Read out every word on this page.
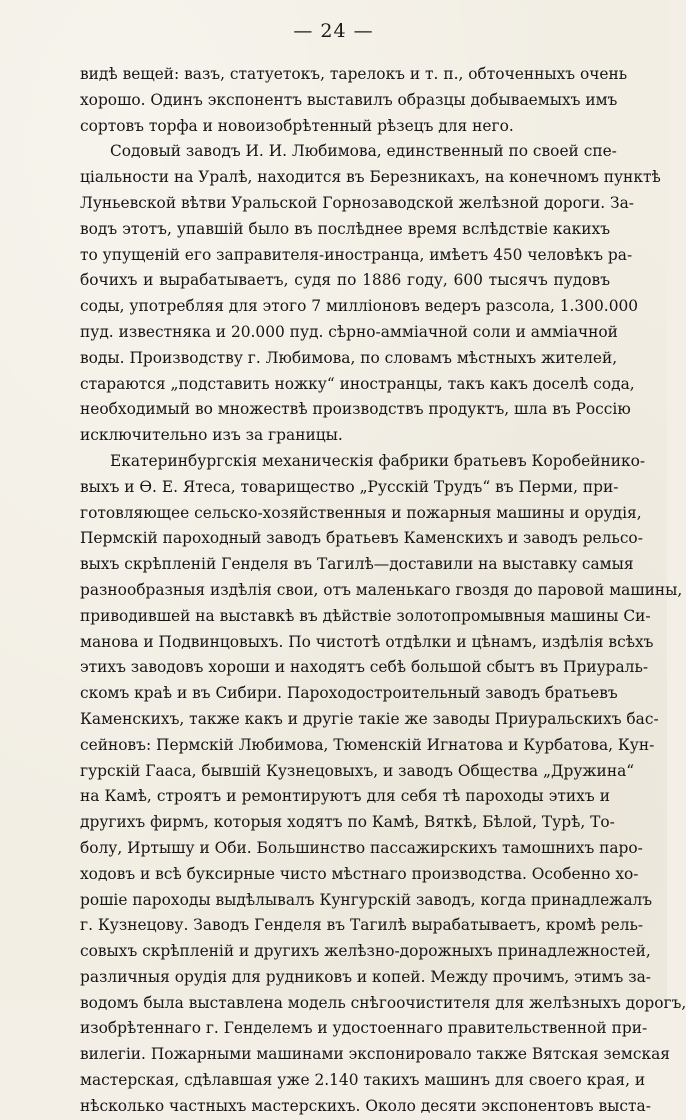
— 24 —
видѣ вещей: вазъ, статуетокъ, тарелокъ и т. п., обточенныхъ очень
хорошо. Одинъ экспонентъ выставилъ образцы добываемыхъ имъ
сортовъ торфа и новоизобрѣтенный рѣзецъ для него.
Содовый заводъ И. И. Любимова, единственный по своей спе-
ціальности на Уралѣ, находится въ Березникахъ, на конечномъ пунктѣ
Луньевской вѣтви Уральской Горнозаводской желѣзной дороги. За-
водъ этотъ, упавшій было въ послѣднее время вслѣдствіе какихъ
то упущеній его заправителя-иностранца, имѣетъ 450 человѣкъ ра-
бочихъ и вырабатываетъ, судя по 1886 году, 600 тысячъ пудовъ
соды, употребляя для этого 7 милліоновъ ведеръ разсола, 1.300.000
пуд. известняка и 20.000 пуд. сѣрно-аммiачной соли и аммiачной
воды. Производству г. Любимова, по словамъ мѣстныхъ жителей,
стараются „подставить ножку“ иностранцы, такъ какъ доселѣ сода,
необходимый во множествѣ производствъ продуктъ, шла въ Россію
исключительно изъ за границы.
Екатеринбургскія механическія фабрики братьевъ Коробейнико-
выхъ и Ѳ. Е. Ятеса, товарищество „Русскій Трудъ“ въ Перми, при-
готовляющее сельско-хозяйственныя и пожарныя машины и орудія,
Пермскій пароходный заводъ братьевъ Каменскихъ и заводъ рельсо-
выхъ скрѣпленій Генделя въ Тагилѣ—доставили на выставку самыя
разнообразныя издѣлія свои, отъ маленькаго гвоздя до паровой машины,
приводившей на выставкѣ въ дѣйствіе золотопромывныя машины Си-
манова и Подвинцовыхъ. По чистотѣ отдѣлки и цѣнамъ, издѣлія всѣхъ
этихъ заводовъ хороши и находятъ себѣ большой сбытъ въ Приураль-
скомъ краѣ и въ Сибири. Пароходостроительный заводъ братьевъ
Каменскихъ, также какъ и другіе такіе же заводы Приуральскихъ бас-
сейновъ: Пермскій Любимова, Тюменскій Игнатова и Курбатова, Кун-
гурскій Гааса, бывшій Кузнецовыхъ, и заводъ Общества „Дружина“
на Камѣ, строятъ и ремонтируютъ для себя тѣ пароходы этихъ и
другихъ фирмъ, которыя ходятъ по Камѣ, Вяткѣ, Бѣлой, Турѣ, То-
болу, Иртышу и Оби. Большинство пассажирскихъ тамошнихъ паро-
ходовъ и всѣ буксирные чисто мѣстнаго производства. Особенно хо-
рошіе пароходы выдѣлывалъ Кунгурскій заводъ, когда принадлежалъ
г. Кузнецову. Заводъ Генделя въ Тагилѣ вырабатываетъ, кромѣ рель-
совыхъ скрѣпленій и другихъ желѣзно-дорожныхъ принадлежностей,
различныя орудія для рудниковъ и копей. Между прочимъ, этимъ за-
водомъ была выставлена модель снѣгоочистителя для желѣзныхъ дорогъ,
изобрѣтеннаго г. Генделемъ и удостоеннаго правительственной при-
вилегіи. Пожарными машинами экспонировало также Вятская земская
мастерская, сдѣлавшая уже 2.140 такихъ машинъ для своего края, и
нѣсколько частныхъ мастерскихъ. Около десяти экспонентовъ выста-
